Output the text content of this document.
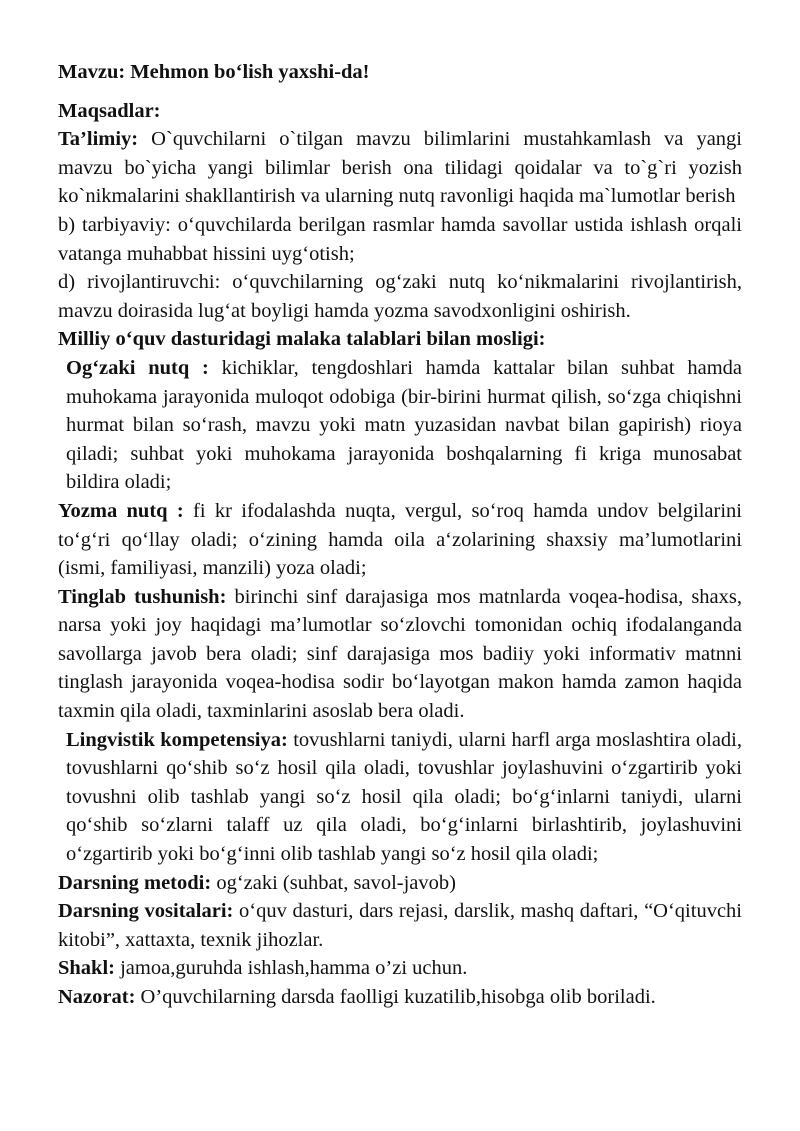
Mavzu: Mehmon bo‘lish yaxshi-da!

Maqsadlar:

Ta’limiy: O`quvchilarni o`tilgan mavzu bilimlarini mustahkamlash va yangi mavzu bo`yicha yangi bilimlar berish ona tilidagi qoidalar va to`g`ri yozish ko`nikmalarini shakllantirish va ularning nutq ravonligi haqida ma`lumotlar berish

b) tarbiyaviy: o‘quvchilarda berilgan rasmlar hamda savollar ustida ishlash orqali vatanga muhabbat hissini uyg‘otish;

d) rivojlantiruvchi: o‘quvchilarning og‘zaki nutq ko‘nikmalarini rivojlantirish, mavzu doirasida lug‘at boyligi hamda yozma savodxonligini oshirish.

Milliy o‘quv dasturidagi malaka talablari bilan mosligi:

Og‘zaki nutq : kichiklar, tengdoshlari hamda kattalar bilan suhbat hamda muhokama jarayonida muloqot odobiga (bir-birini hurmat qilish, so‘zga chiqishni hurmat bilan so‘rash, mavzu yoki matn yuzasidan navbat bilan gapirish) rioya qiladi; suhbat yoki muhokama jarayonida boshqalarning fi kriga munosabat bildira oladi;

Yozma nutq : fi kr ifodalashda nuqta, vergul, so‘roq hamda undov belgilarini to‘g‘ri qo‘llay oladi; o‘zining hamda oila a‘zolarining shaxsiy ma’lumotlarini (ismi, familiyasi, manzili) yoza oladi;

Tinglab tushunish: birinchi sinf darajasiga mos matnlarda voqea-hodisa, shaxs, narsa yoki joy haqidagi ma’lumotlar so‘zlovchi tomonidan ochiq ifodalanganda savollarga javob bera oladi; sinf darajasiga mos badiiy yoki informativ matnni tinglash jarayonida voqea-hodisa sodir bo‘layotgan makon hamda zamon haqida taxmin qila oladi, taxminlarini asoslab bera oladi.

Lingvistik kompetensiya: tovushlarni taniydi, ularni harfl arga moslashtira oladi, tovushlarni qo‘shib so‘z hosil qila oladi, tovushlar joylashuvini o‘zgartirib yoki tovushni olib tashlab yangi so‘z hosil qila oladi; bo‘g‘inlarni taniydi, ularni qo‘shib so‘zlarni talaff uz qila oladi, bo‘g‘inlarni birlashtirib, joylashuvini o‘zgartirib yoki bo‘g‘inni olib tashlab yangi so‘z hosil qila oladi;

Darsning metodi: og‘zaki (suhbat, savol-javob)

Darsning vositalari: o‘quv dasturi, dars rejasi, darslik, mashq daftari, “O‘qituvchi kitobi”, xattaxta, texnik jihozlar.

Shakl: jamoa,guruhda ishlash,hamma o’zi uchun.

Nazorat: O’quvchilarning darsda faolligi kuzatilib,hisobga olib boriladi.
